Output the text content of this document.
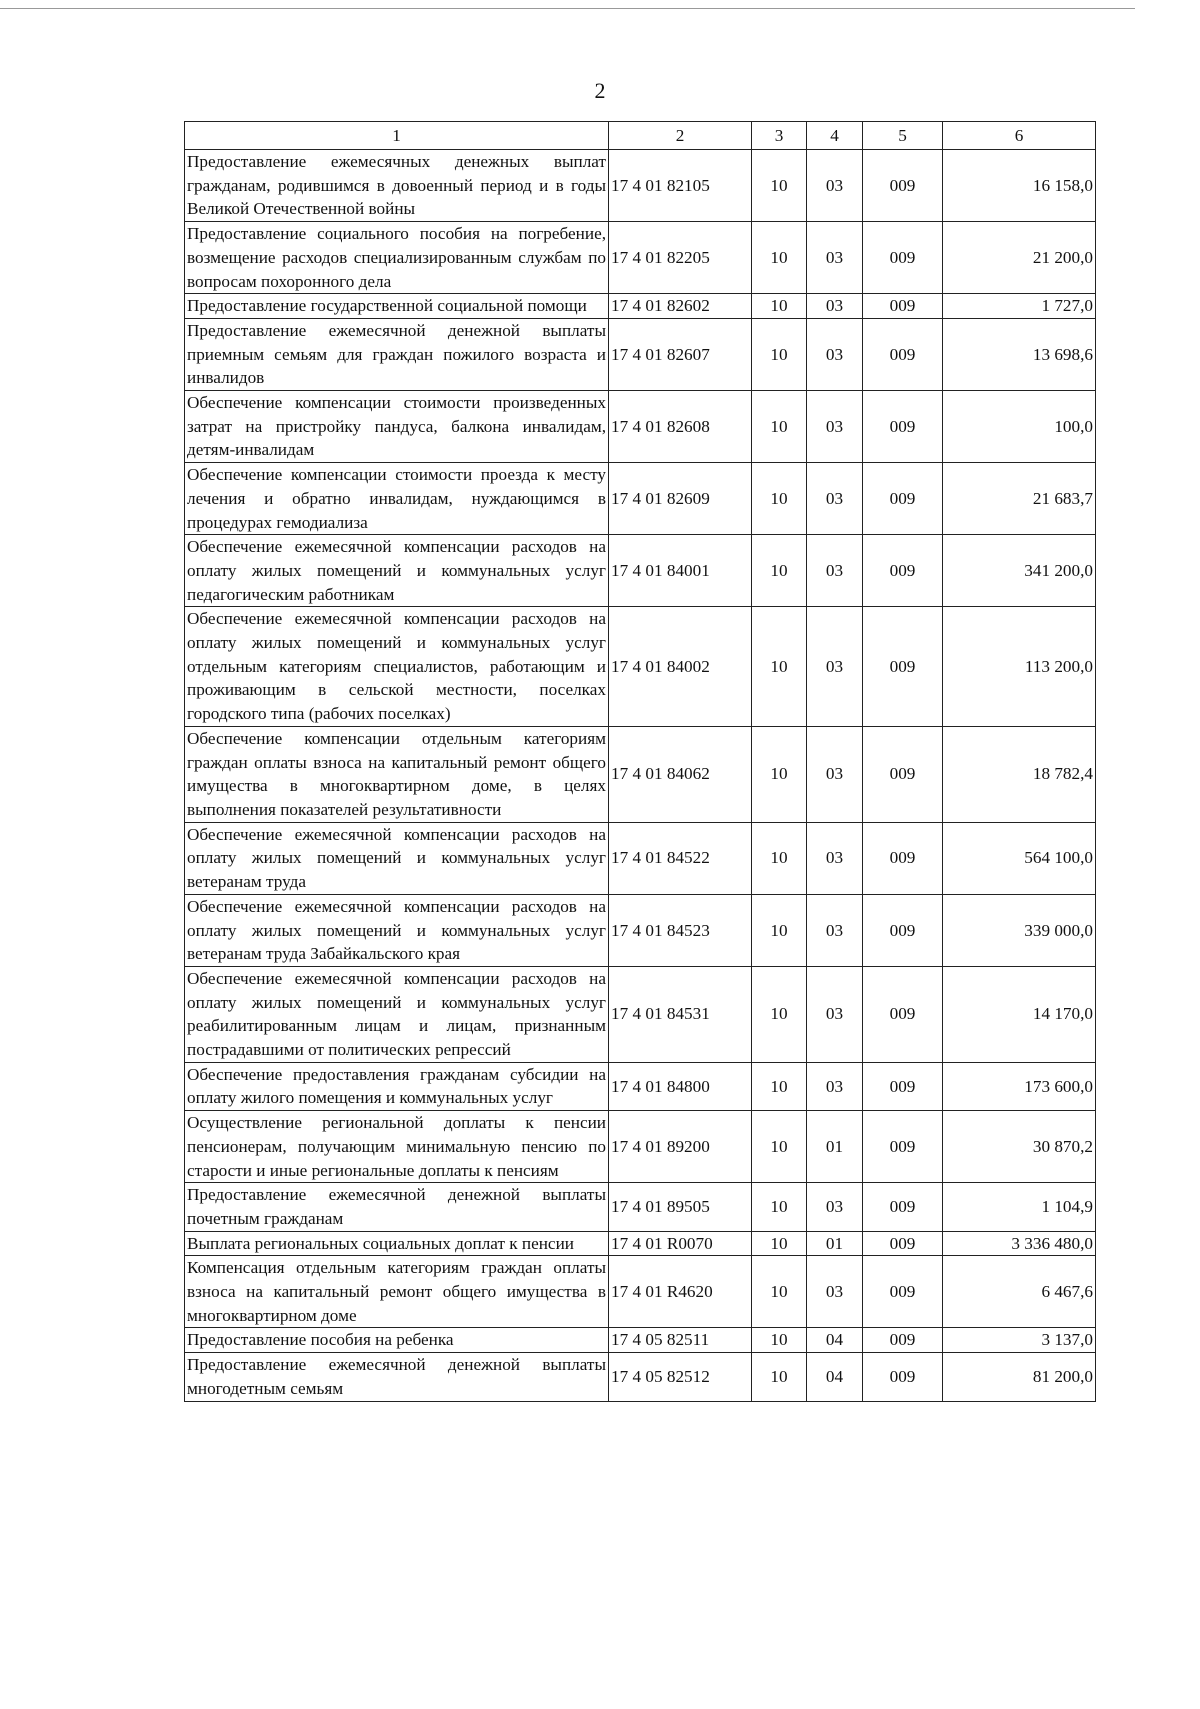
2
1	2	3	4	5	6
Предоставление ежемесячных денежных выплат гражданам, родившимся в довоенный период и в годы Великой Отечественной войны	17 4 01 82105	10	03	009	16 158,0
Предоставление социального пособия на погребение, возмещение расходов специализированным службам по вопросам похоронного дела	17 4 01 82205	10	03	009	21 200,0
Предоставление государственной социальной помощи	17 4 01 82602	10	03	009	1 727,0
Предоставление ежемесячной денежной выплаты приемным семьям для граждан пожилого возраста и инвалидов	17 4 01 82607	10	03	009	13 698,6
Обеспечение компенсации стоимости произведенных затрат на пристройку пандуса, балкона инвалидам, детям-инвалидам	17 4 01 82608	10	03	009	100,0
Обеспечение компенсации стоимости проезда к месту лечения и обратно инвалидам, нуждающимся в процедурах гемодиализа	17 4 01 82609	10	03	009	21 683,7
Обеспечение ежемесячной компенсации расходов на оплату жилых помещений и коммунальных услуг педагогическим работникам	17 4 01 84001	10	03	009	341 200,0
Обеспечение ежемесячной компенсации расходов на оплату жилых помещений и коммунальных услуг отдельным категориям специалистов, работающим и проживающим в сельской местности, поселках городского типа (рабочих поселках)	17 4 01 84002	10	03	009	113 200,0
Обеспечение компенсации отдельным категориям граждан оплаты взноса на капитальный ремонт общего имущества в многоквартирном доме, в целях выполнения показателей результативности	17 4 01 84062	10	03	009	18 782,4
Обеспечение ежемесячной компенсации расходов на оплату жилых помещений и коммунальных услуг ветеранам труда	17 4 01 84522	10	03	009	564 100,0
Обеспечение ежемесячной компенсации расходов на оплату жилых помещений и коммунальных услуг ветеранам труда Забайкальского края	17 4 01 84523	10	03	009	339 000,0
Обеспечение ежемесячной компенсации расходов на оплату жилых помещений и коммунальных услуг реабилитированным лицам и лицам, признанным пострадавшими от политических репрессий	17 4 01 84531	10	03	009	14 170,0
Обеспечение предоставления гражданам субсидии на оплату жилого помещения и коммунальных услуг	17 4 01 84800	10	03	009	173 600,0
Осуществление региональной доплаты к пенсии пенсионерам, получающим минимальную пенсию по старости и иные региональные доплаты к пенсиям	17 4 01 89200	10	01	009	30 870,2
Предоставление ежемесячной денежной выплаты почетным гражданам	17 4 01 89505	10	03	009	1 104,9
Выплата региональных социальных доплат к пенсии	17 4 01 R0070	10	01	009	3 336 480,0
Компенсация отдельным категориям граждан оплаты взноса на капитальный ремонт общего имущества в многоквартирном доме	17 4 01 R4620	10	03	009	6 467,6
Предоставление пособия на ребенка	17 4 05 82511	10	04	009	3 137,0
Предоставление ежемесячной денежной выплаты многодетным семьям	17 4 05 82512	10	04	009	81 200,0
